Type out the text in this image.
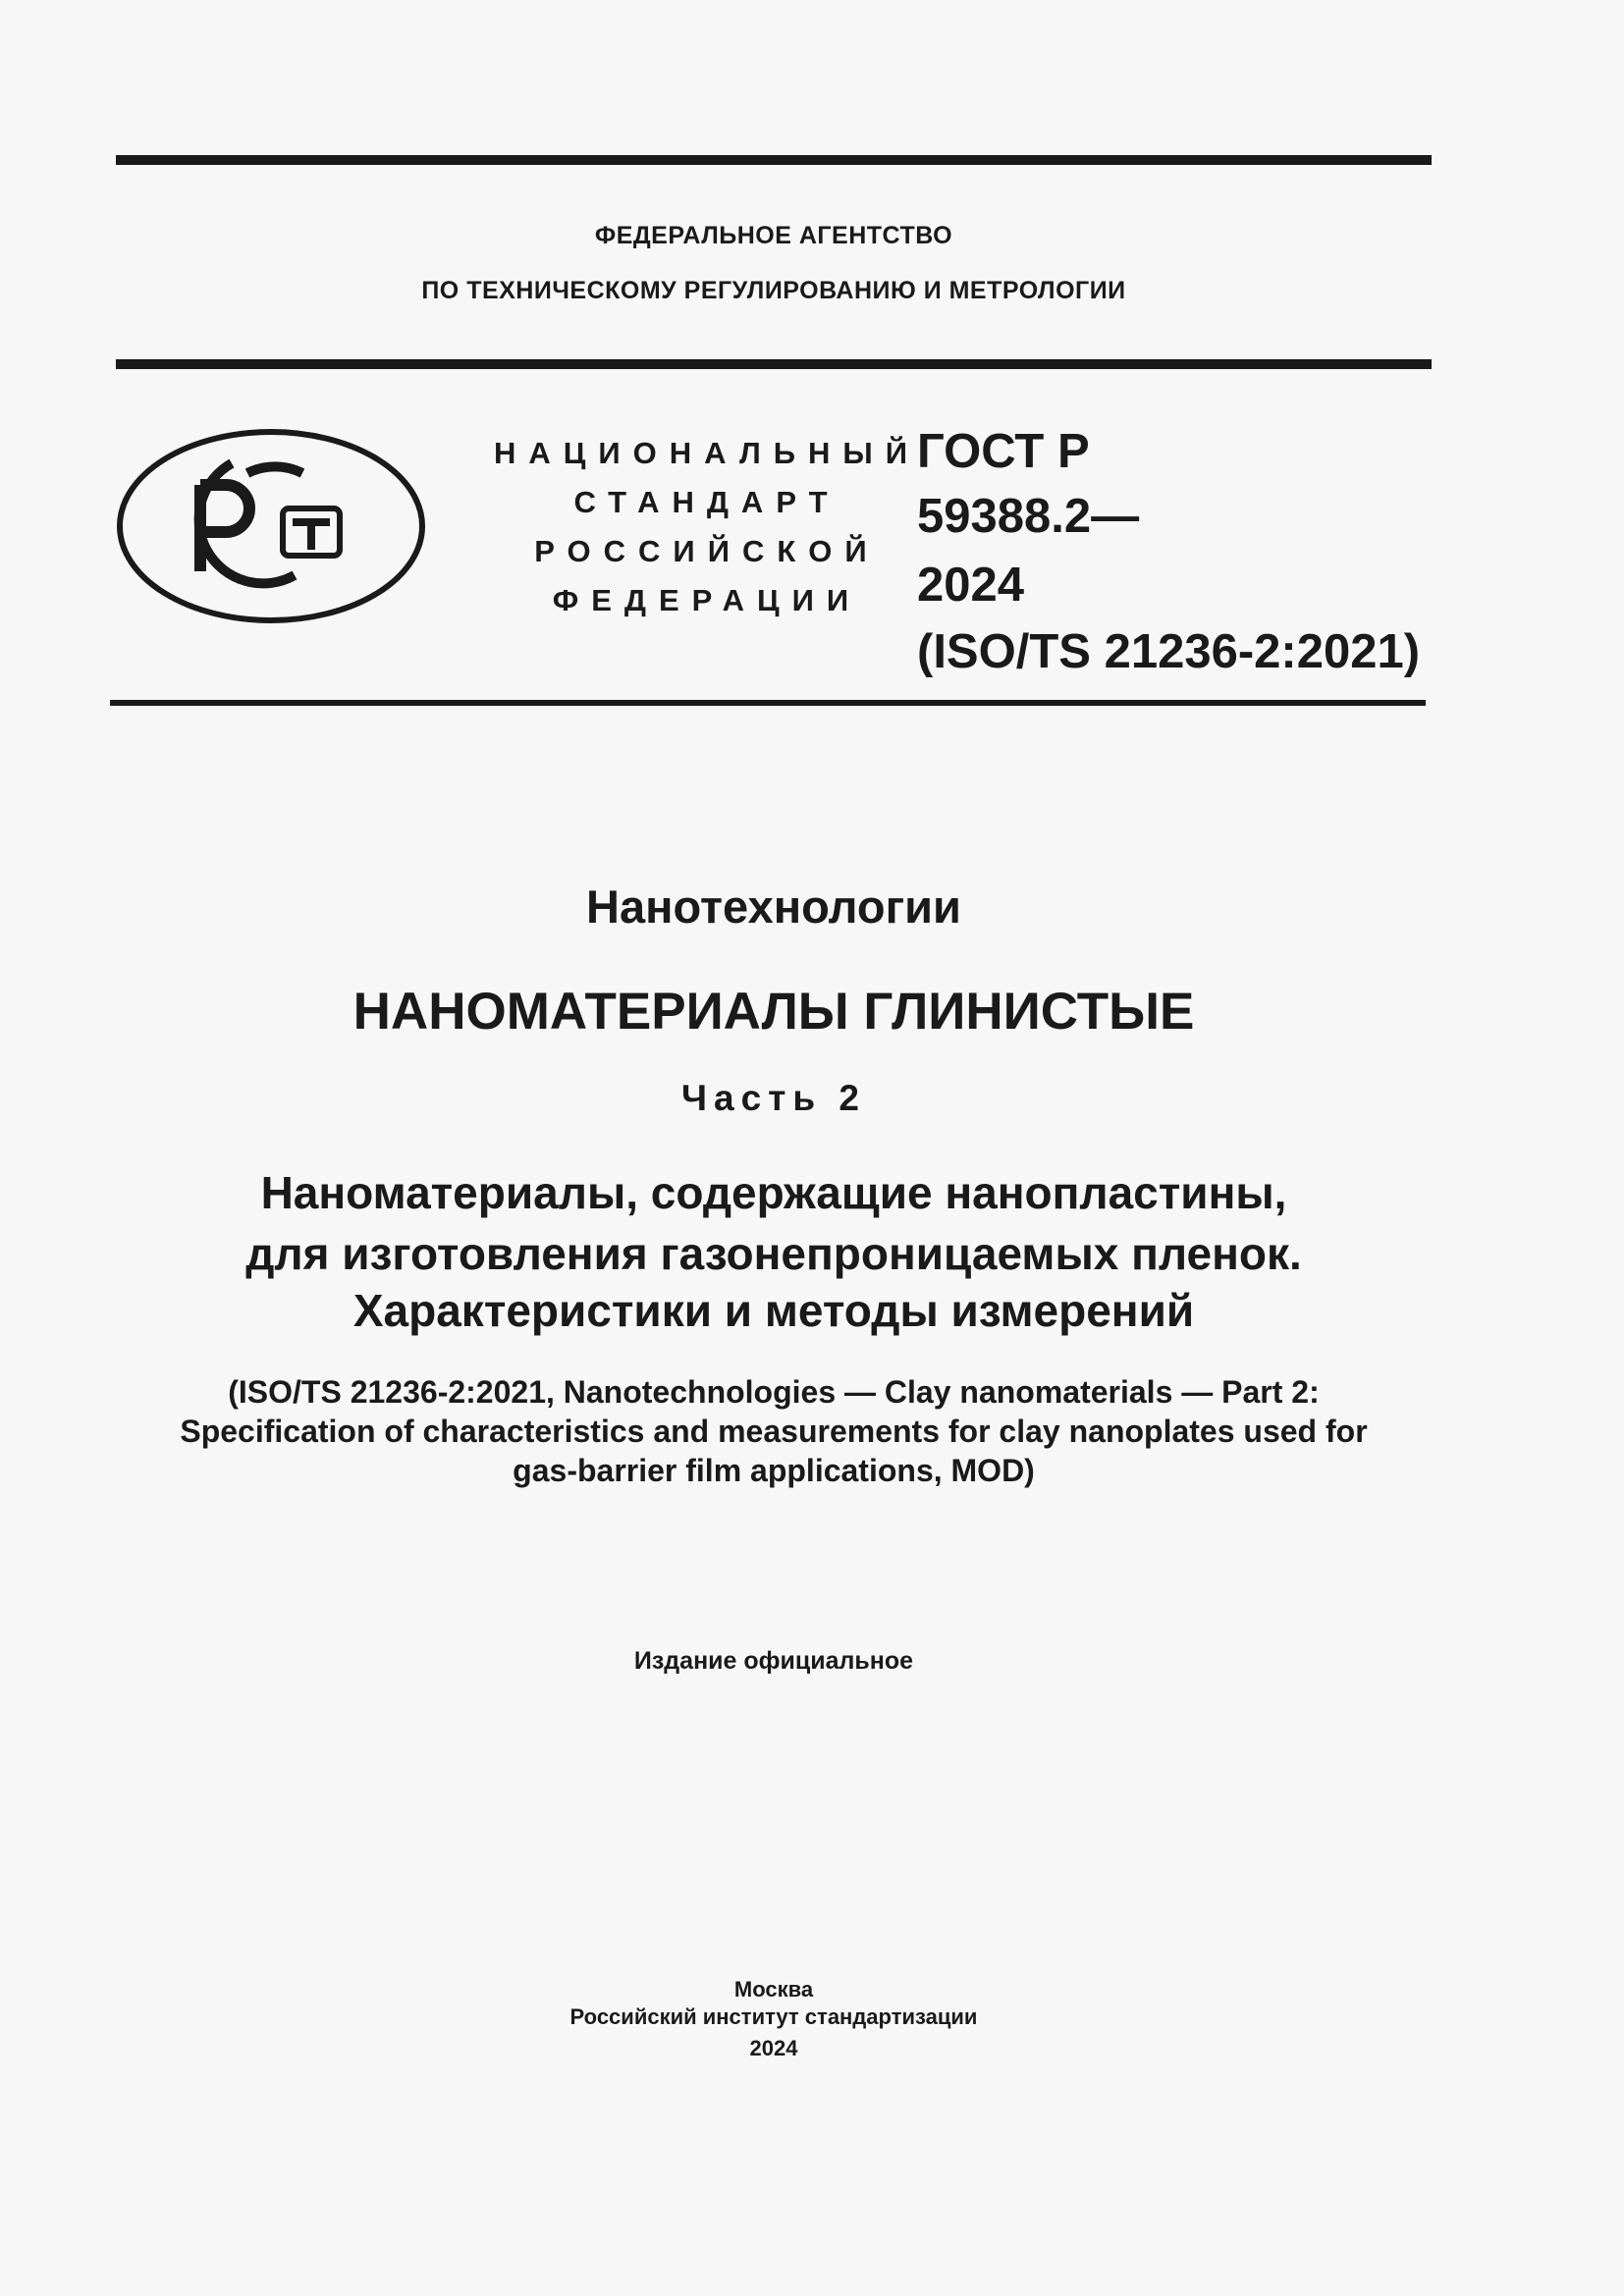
ФЕДЕРАЛЬНОЕ АГЕНТСТВО
ПО ТЕХНИЧЕСКОМУ РЕГУЛИРОВАНИЮ И МЕТРОЛОГИИ
НАЦИОНАЛЬНЫЙ
СТАНДАРТ
РОССИЙСКОЙ
ФЕДЕРАЦИИ
ГОСТ Р
59388.2—
2024
(ISO/TS 21236-2:2021)
Нанотехнологии
НАНОМАТЕРИАЛЫ ГЛИНИСТЫЕ
Часть 2
Наноматериалы, содержащие нанопластины,
для изготовления газонепроницаемых пленок.
Характеристики и методы измерений
(ISO/TS 21236-2:2021, Nanotechnologies — Clay nanomaterials — Part 2:
Specification of characteristics and measurements for clay nanoplates used for
gas-barrier film applications, MOD)
Издание официальное
Москва
Российский институт стандартизации
2024
